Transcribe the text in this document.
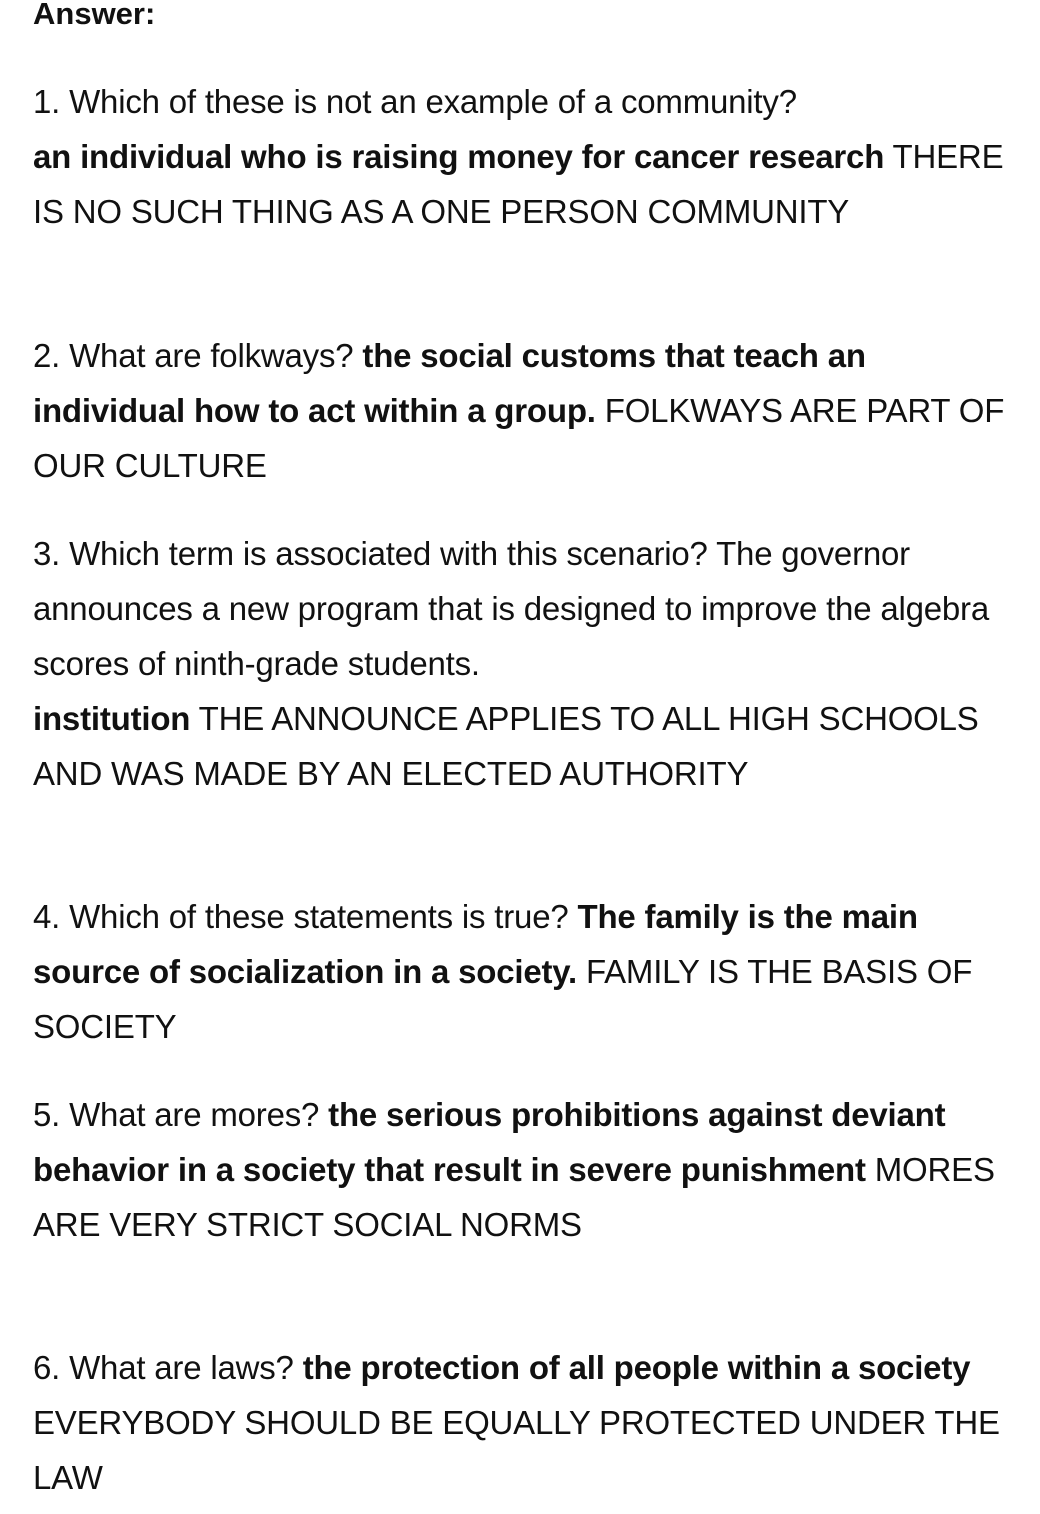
Answer:

1. Which of these is not an example of a community?
an individual who is raising money for cancer research THERE IS NO SUCH THING AS A ONE PERSON COMMUNITY

2. What are folkways? the social customs that teach an individual how to act within a group. FOLKWAYS ARE PART OF OUR CULTURE

3. Which term is associated with this scenario? The governor announces a new program that is designed to improve the algebra scores of ninth-grade students.
institution THE ANNOUNCE APPLIES TO ALL HIGH SCHOOLS AND WAS MADE BY AN ELECTED AUTHORITY

4. Which of these statements is true? The family is the main source of socialization in a society. FAMILY IS THE BASIS OF SOCIETY

5. What are mores? the serious prohibitions against deviant behavior in a society that result in severe punishment MORES ARE VERY STRICT SOCIAL NORMS

6. What are laws? the protection of all people within a society EVERYBODY SHOULD BE EQUALLY PROTECTED UNDER THE LAW
